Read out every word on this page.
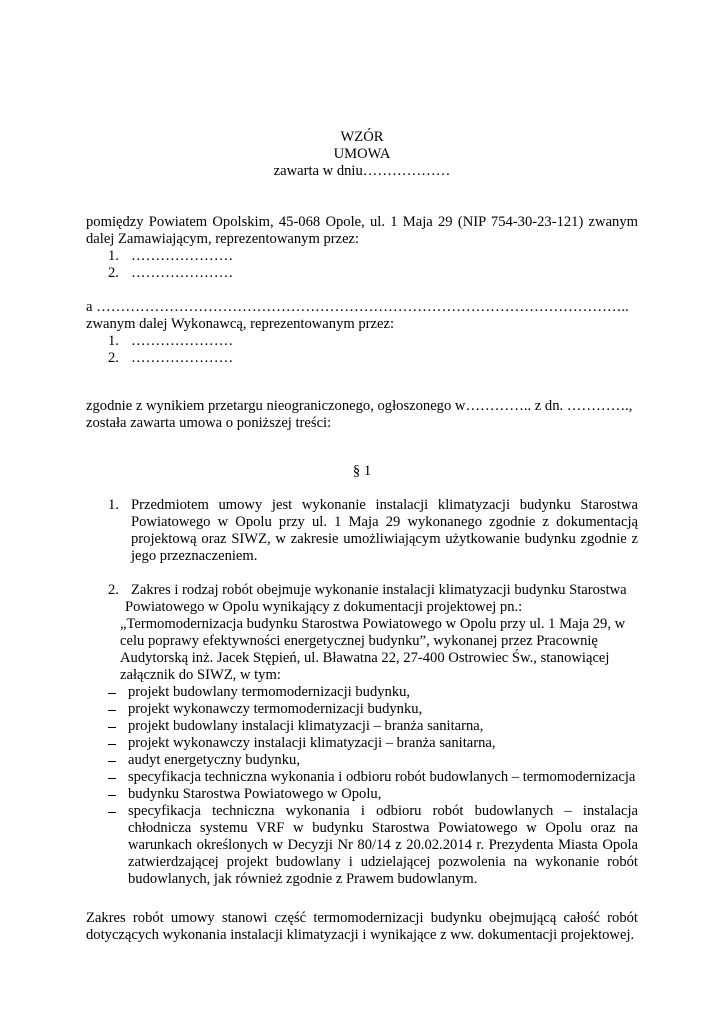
WZÓR
UMOWA
zawarta w dniu………………
pomiędzy Powiatem Opolskim, 45-068 Opole, ul. 1 Maja 29 (NIP 754-30-23-121) zwanym
dalej Zamawiającym, reprezentowanym przez:
1. …………………
2. …………………
a ………………………………………………………………………………………………..
zwanym dalej Wykonawcą, reprezentowanym przez:
1. …………………
2. …………………
zgodnie z wynikiem przetargu nieograniczonego, ogłoszonego w………….. z dn. ………….,
została zawarta umowa o poniższej treści:
§ 1
1. Przedmiotem umowy jest wykonanie instalacji klimatyzacji budynku Starostwa
Powiatowego w Opolu przy ul. 1 Maja 29 wykonanego zgodnie z dokumentacją
projektową oraz SIWZ, w zakresie umożliwiającym użytkowanie budynku zgodnie z
jego przeznaczeniem.
2. Zakres i rodzaj robót obejmuje wykonanie instalacji klimatyzacji budynku Starostwa
Powiatowego w Opolu wynikający z dokumentacji projektowej pn.:
„Termomodernizacja budynku Starostwa Powiatowego w Opolu przy ul. 1 Maja 29, w
celu poprawy efektywności energetycznej budynku”, wykonanej przez Pracownię
Audytorską inż. Jacek Stępień, ul. Bławatna 22, 27-400 Ostrowiec Św., stanowiącej
załącznik do SIWZ, w tym:
projekt budowlany termomodernizacji budynku,
projekt wykonawczy termomodernizacji budynku,
projekt budowlany instalacji klimatyzacji – branża sanitarna,
projekt wykonawczy instalacji klimatyzacji – branża sanitarna,
audyt energetyczny budynku,
specyfikacja techniczna wykonania i odbioru robót budowlanych – termomodernizacja
budynku Starostwa Powiatowego w Opolu,
specyfikacja techniczna wykonania i odbioru robót budowlanych – instalacja
chłodnicza systemu VRF w budynku Starostwa Powiatowego w Opolu oraz na
warunkach określonych w Decyzji Nr 80/14 z 20.02.2014 r. Prezydenta Miasta Opola
zatwierdzającej projekt budowlany i udzielającej pozwolenia na wykonanie robót
budowlanych, jak również zgodnie z Prawem budowlanym.
Zakres robót umowy stanowi część termomodernizacji budynku obejmującą całość robót
dotyczących wykonania instalacji klimatyzacji i wynikające z ww. dokumentacji projektowej.
